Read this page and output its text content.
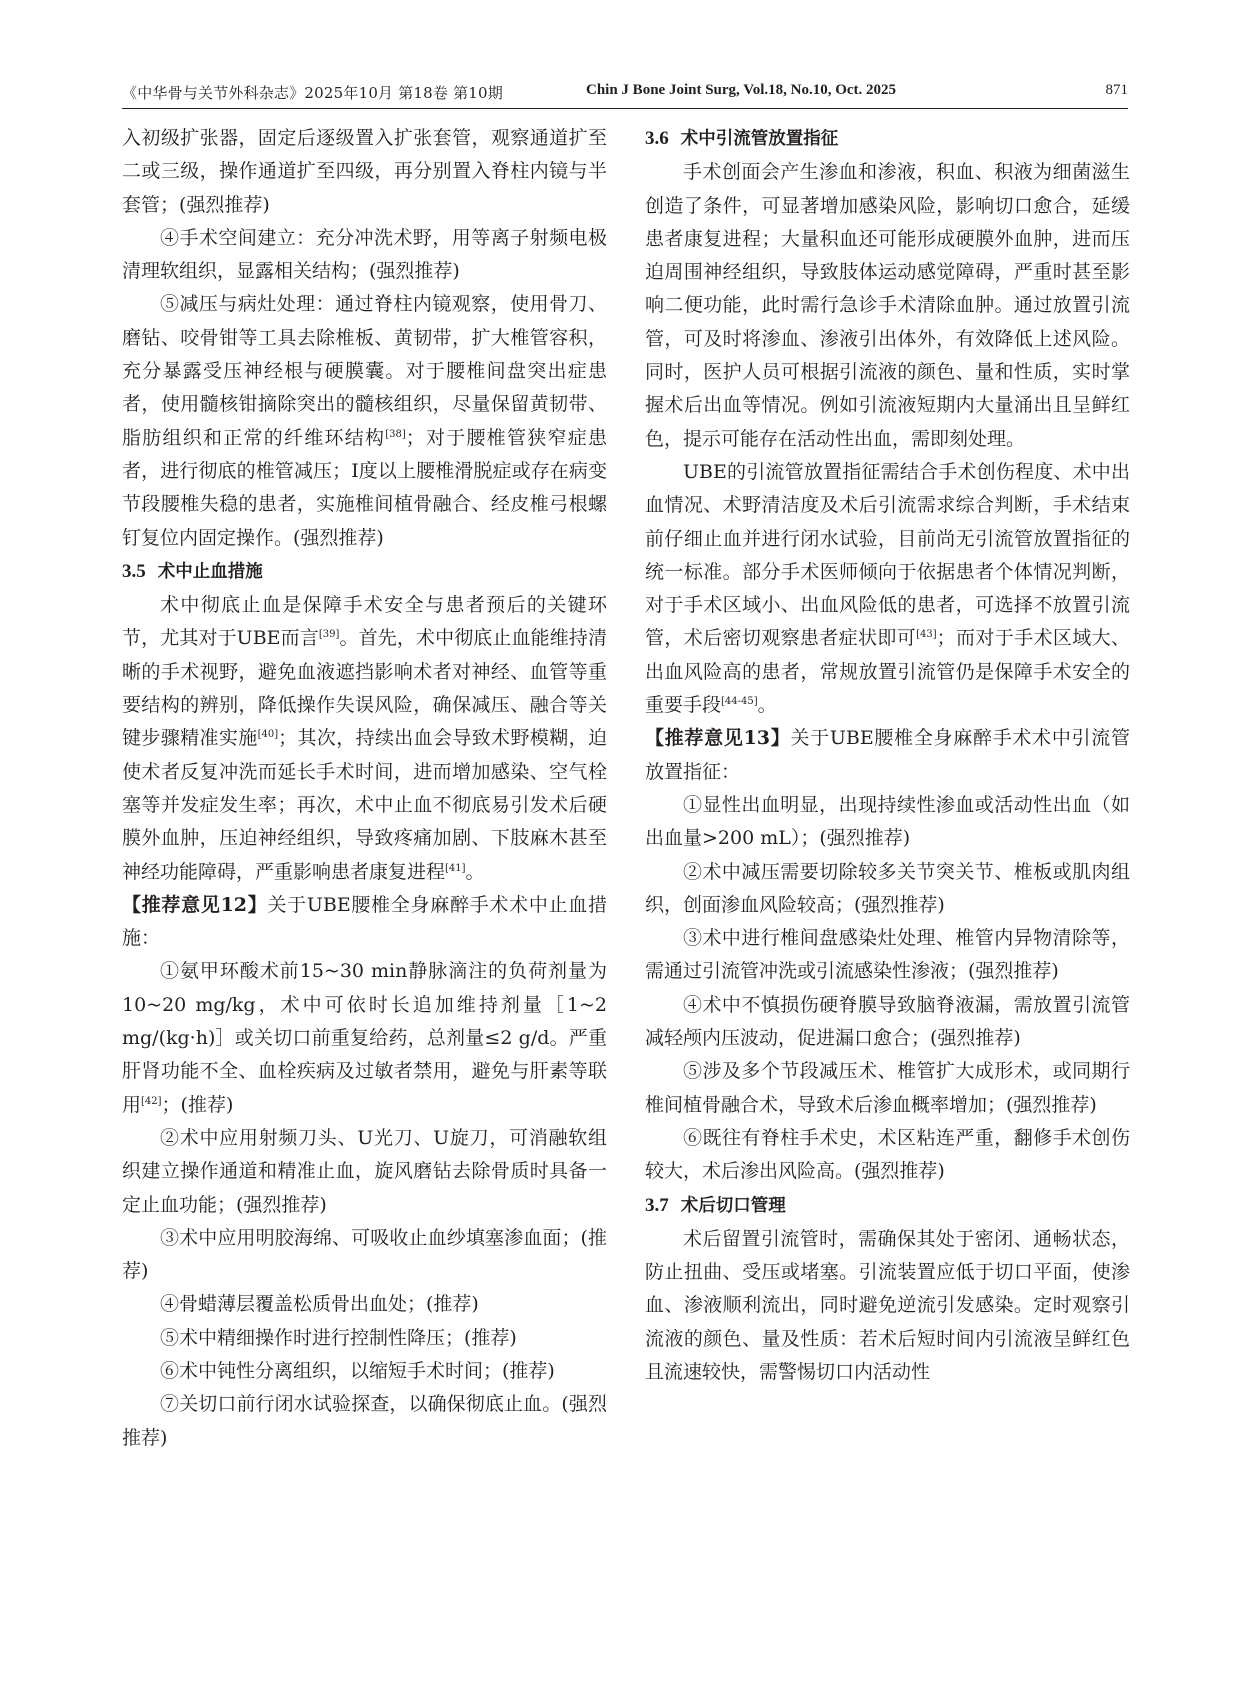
《中华骨与关节外科杂志》2025年10月 第18卷 第10期	Chin J Bone Joint Surg, Vol.18, No.10, Oct. 2025	871

入初级扩张器，固定后逐级置入扩张套管，观察通道扩至二或三级，操作通道扩至四级，再分别置入脊柱内镜与半套管；(强烈推荐)

④手术空间建立：充分冲洗术野，用等离子射频电极清理软组织，显露相关结构；(强烈推荐)

⑤减压与病灶处理：通过脊柱内镜观察，使用骨刀、磨钻、咬骨钳等工具去除椎板、黄韧带，扩大椎管容积，充分暴露受压神经根与硬膜囊。对于腰椎间盘突出症患者，使用髓核钳摘除突出的髓核组织，尽量保留黄韧带、脂肪组织和正常的纤维环结构[38]；对于腰椎管狭窄症患者，进行彻底的椎管减压；Ⅰ度以上腰椎滑脱症或存在病变节段腰椎失稳的患者，实施椎间植骨融合、经皮椎弓根螺钉复位内固定操作。(强烈推荐)

3.5 术中止血措施

术中彻底止血是保障手术安全与患者预后的关键环节，尤其对于UBE而言[39]。首先，术中彻底止血能维持清晰的手术视野，避免血液遮挡影响术者对神经、血管等重要结构的辨别，降低操作失误风险，确保减压、融合等关键步骤精准实施[40]；其次，持续出血会导致术野模糊，迫使术者反复冲洗而延长手术时间，进而增加感染、空气栓塞等并发症发生率；再次，术中止血不彻底易引发术后硬膜外血肿，压迫神经组织，导致疼痛加剧、下肢麻木甚至神经功能障碍，严重影响患者康复进程[41]。

【推荐意见12】关于UBE腰椎全身麻醉手术术中止血措施：

①氨甲环酸术前15~30 min静脉滴注的负荷剂量为10~20 mg/kg，术中可依时长追加维持剂量［1~2 mg/(kg·h)］或关切口前重复给药，总剂量≤2 g/d。严重肝肾功能不全、血栓疾病及过敏者禁用，避免与肝素等联用[42]；(推荐)

②术中应用射频刀头、U光刀、U旋刀，可消融软组织建立操作通道和精准止血，旋风磨钻去除骨质时具备一定止血功能；(强烈推荐)

③术中应用明胶海绵、可吸收止血纱填塞渗血面；(推荐)

④骨蜡薄层覆盖松质骨出血处；(推荐)

⑤术中精细操作时进行控制性降压；(推荐)

⑥术中钝性分离组织，以缩短手术时间；(推荐)

⑦关切口前行闭水试验探查，以确保彻底止血。(强烈推荐)

3.6 术中引流管放置指征

手术创面会产生渗血和渗液，积血、积液为细菌滋生创造了条件，可显著增加感染风险，影响切口愈合，延缓患者康复进程；大量积血还可能形成硬膜外血肿，进而压迫周围神经组织，导致肢体运动感觉障碍，严重时甚至影响二便功能，此时需行急诊手术清除血肿。通过放置引流管，可及时将渗血、渗液引出体外，有效降低上述风险。同时，医护人员可根据引流液的颜色、量和性质，实时掌握术后出血等情况。例如引流液短期内大量涌出且呈鲜红色，提示可能存在活动性出血，需即刻处理。

UBE的引流管放置指征需结合手术创伤程度、术中出血情况、术野清洁度及术后引流需求综合判断，手术结束前仔细止血并进行闭水试验，目前尚无引流管放置指征的统一标准。部分手术医师倾向于依据患者个体情况判断，对于手术区域小、出血风险低的患者，可选择不放置引流管，术后密切观察患者症状即可[43]；而对于手术区域大、出血风险高的患者，常规放置引流管仍是保障手术安全的重要手段[44-45]。

【推荐意见13】关于UBE腰椎全身麻醉手术术中引流管放置指征：

①显性出血明显，出现持续性渗血或活动性出血（如出血量>200 mL）；(强烈推荐)

②术中减压需要切除较多关节突关节、椎板或肌肉组织，创面渗血风险较高；(强烈推荐)

③术中进行椎间盘感染灶处理、椎管内异物清除等，需通过引流管冲洗或引流感染性渗液；(强烈推荐)

④术中不慎损伤硬脊膜导致脑脊液漏，需放置引流管减轻颅内压波动，促进漏口愈合；(强烈推荐)

⑤涉及多个节段减压术、椎管扩大成形术，或同期行椎间植骨融合术，导致术后渗血概率增加；(强烈推荐)

⑥既往有脊柱手术史，术区粘连严重，翻修手术创伤较大，术后渗出风险高。(强烈推荐)

3.7 术后切口管理

术后留置引流管时，需确保其处于密闭、通畅状态，防止扭曲、受压或堵塞。引流装置应低于切口平面，使渗血、渗液顺利流出，同时避免逆流引发感染。定时观察引流液的颜色、量及性质：若术后短时间内引流液呈鲜红色且流速较快，需警惕切口内活动性
